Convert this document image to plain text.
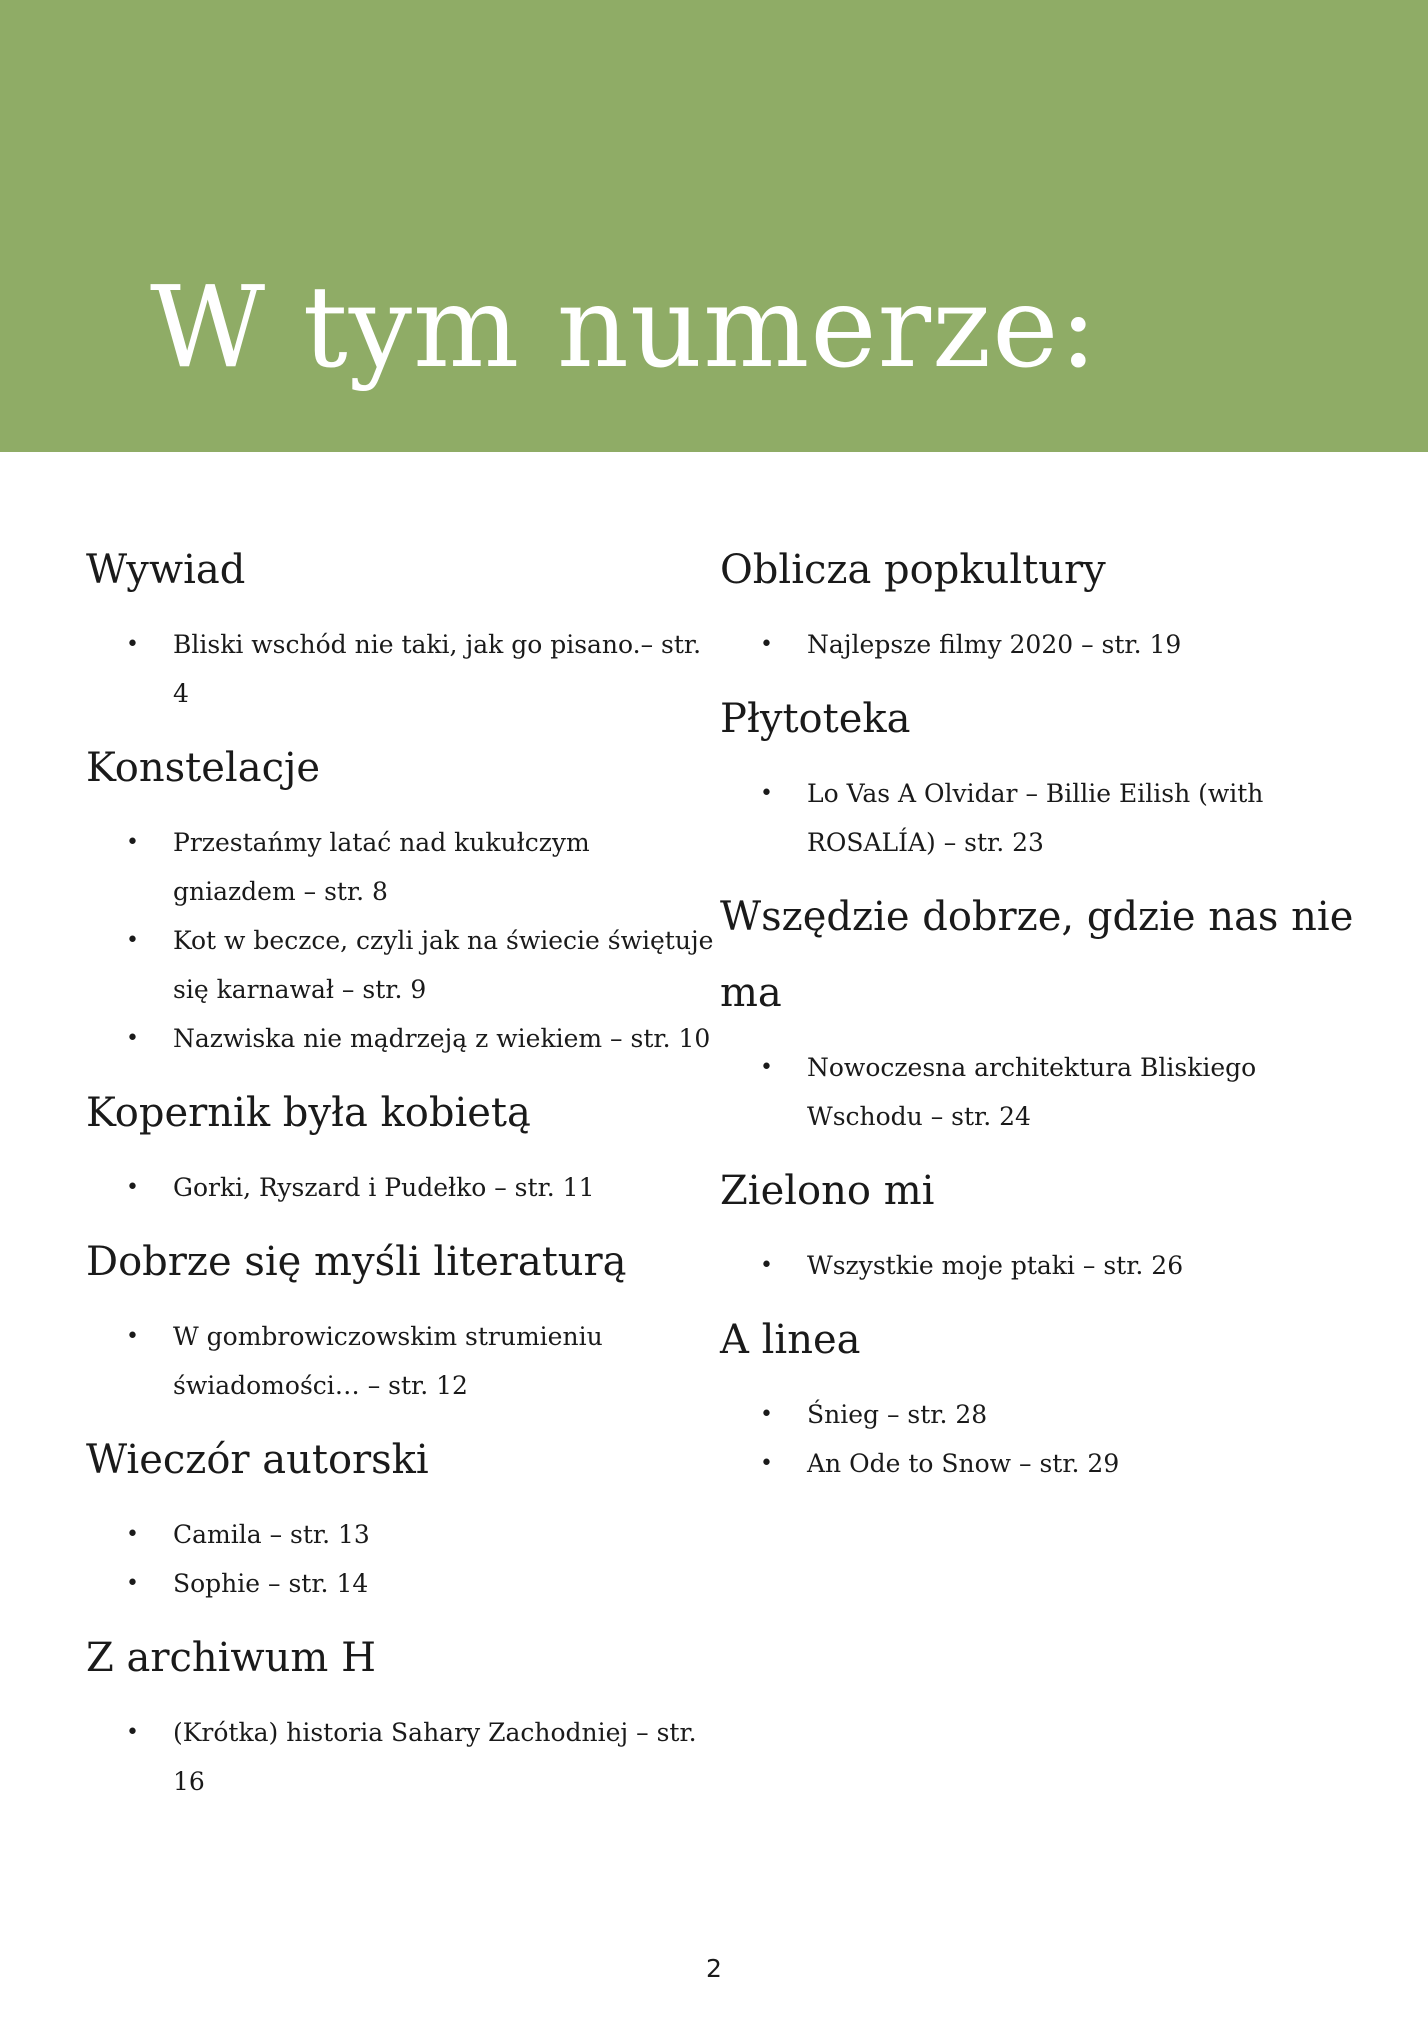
W tym numerze:
Wywiad
• Bliski wschód nie taki, jak go pisano.– str. 4
Konstelacje
• Przestańmy latać nad kukułczym gniazdem – str. 8
• Kot w beczce, czyli jak na świecie świętuje się karnawał – str. 9
• Nazwiska nie mądrzeją z wiekiem – str. 10
Kopernik była kobietą
• Gorki, Ryszard i Pudełko – str. 11
Dobrze się myśli literaturą
• W gombrowiczowskim strumieniu świadomości… – str. 12
Wieczór autorski
• Camila – str. 13
• Sophie – str. 14
Z archiwum H
• (Krótka) historia Sahary Zachodniej – str. 16
Oblicza popkultury
• Najlepsze filmy 2020 – str. 19
Płytoteka
• Lo Vas A Olvidar – Billie Eilish (with ROSALÍA) – str. 23
Wszędzie dobrze, gdzie nas nie ma
• Nowoczesna architektura Bliskiego Wschodu – str. 24
Zielono mi
• Wszystkie moje ptaki – str. 26
A linea
• Śnieg – str. 28
• An Ode to Snow – str. 29
2
